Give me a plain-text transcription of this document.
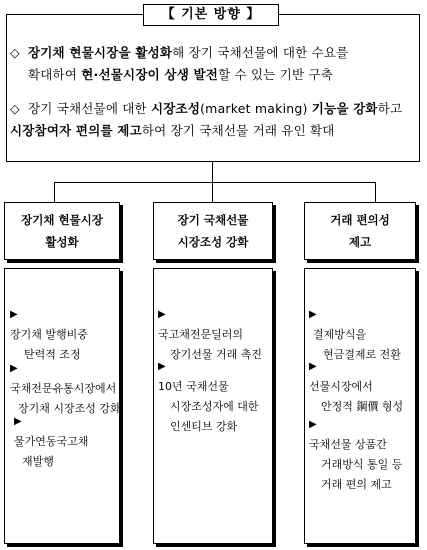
【 기본 방향 】
◇ 장기채 현물시장을 활성화해 장기 국채선물에 대한 수요를
확대하여 현·선물시장이 상생 발전할 수 있는 기반 구축
◇ 장기 국채선물에 대한 시장조성(market making) 기능을 강화하고
시장참여자 편의를 제고하여 장기 국채선물 거래 유인 확대
장기채 현물시장
활성화
장기 국채선물
시장조성 강화
거래 편의성
제고
▶
장기채 발행비중
탄력적 조정
▶
국채전문유통시장에서
장기채 시장조성 강화
▶
물가연동국고채
재발행
▶
국고채전문딜러의
장기선물 거래 촉진
▶
10년 국채선물
시장조성자에 대한
인센티브 강화
▶
결제방식을
현금결제로 전환
▶
선물시장에서
안정적 鋼價 형성
▶
국채선물 상품간
거래방식 통일 등
거래 편의 제고
